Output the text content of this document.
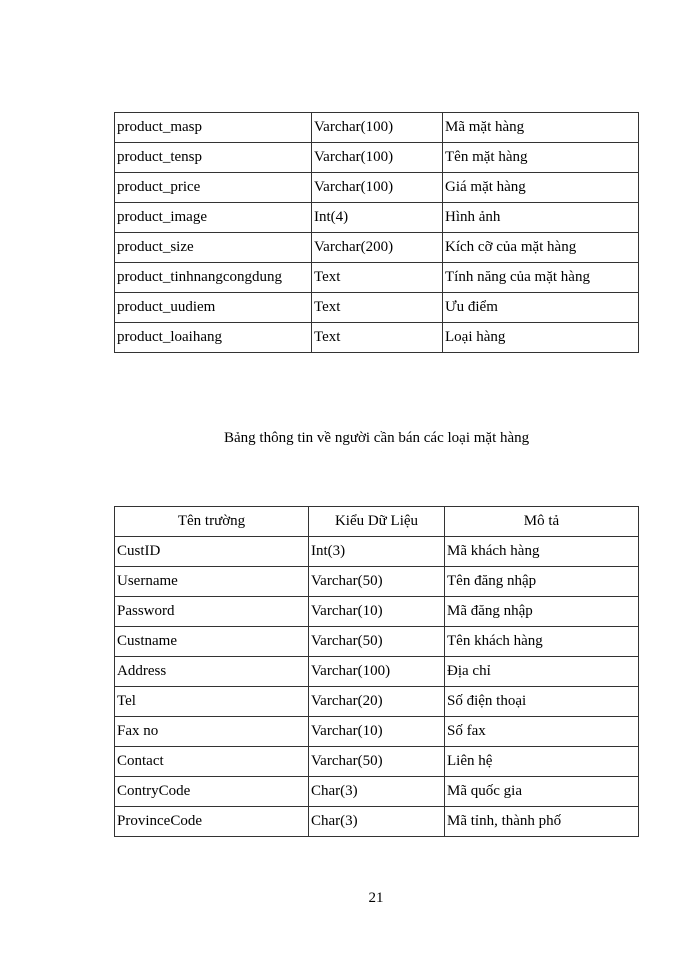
product_masp	Varchar(100)	Mã mặt hàng
product_tensp	Varchar(100)	Tên mặt hàng
product_price	Varchar(100)	Giá mặt hàng
product_image	Int(4)	Hình ảnh
product_size	Varchar(200)	Kích cỡ của mặt hàng
product_tinhnangcongdung	Text	Tính năng của mặt hàng
product_uudiem	Text	Ưu điểm
product_loaihang	Text	Loại hàng
Bảng thông tin về người cần bán các loại mặt hàng
Tên trường	Kiểu Dữ Liệu	Mô tả
CustID	Int(3)	Mã khách hàng
Username	Varchar(50)	Tên đăng nhập
Password	Varchar(10)	Mã đăng nhập
Custname	Varchar(50)	Tên khách hàng
Address	Varchar(100)	Địa chỉ
Tel	Varchar(20)	Số điện thoại
Fax no	Varchar(10)	Số fax
Contact	Varchar(50)	Liên hệ
ContryCode	Char(3)	Mã quốc gia
ProvinceCode	Char(3)	Mã tỉnh, thành phố
21
